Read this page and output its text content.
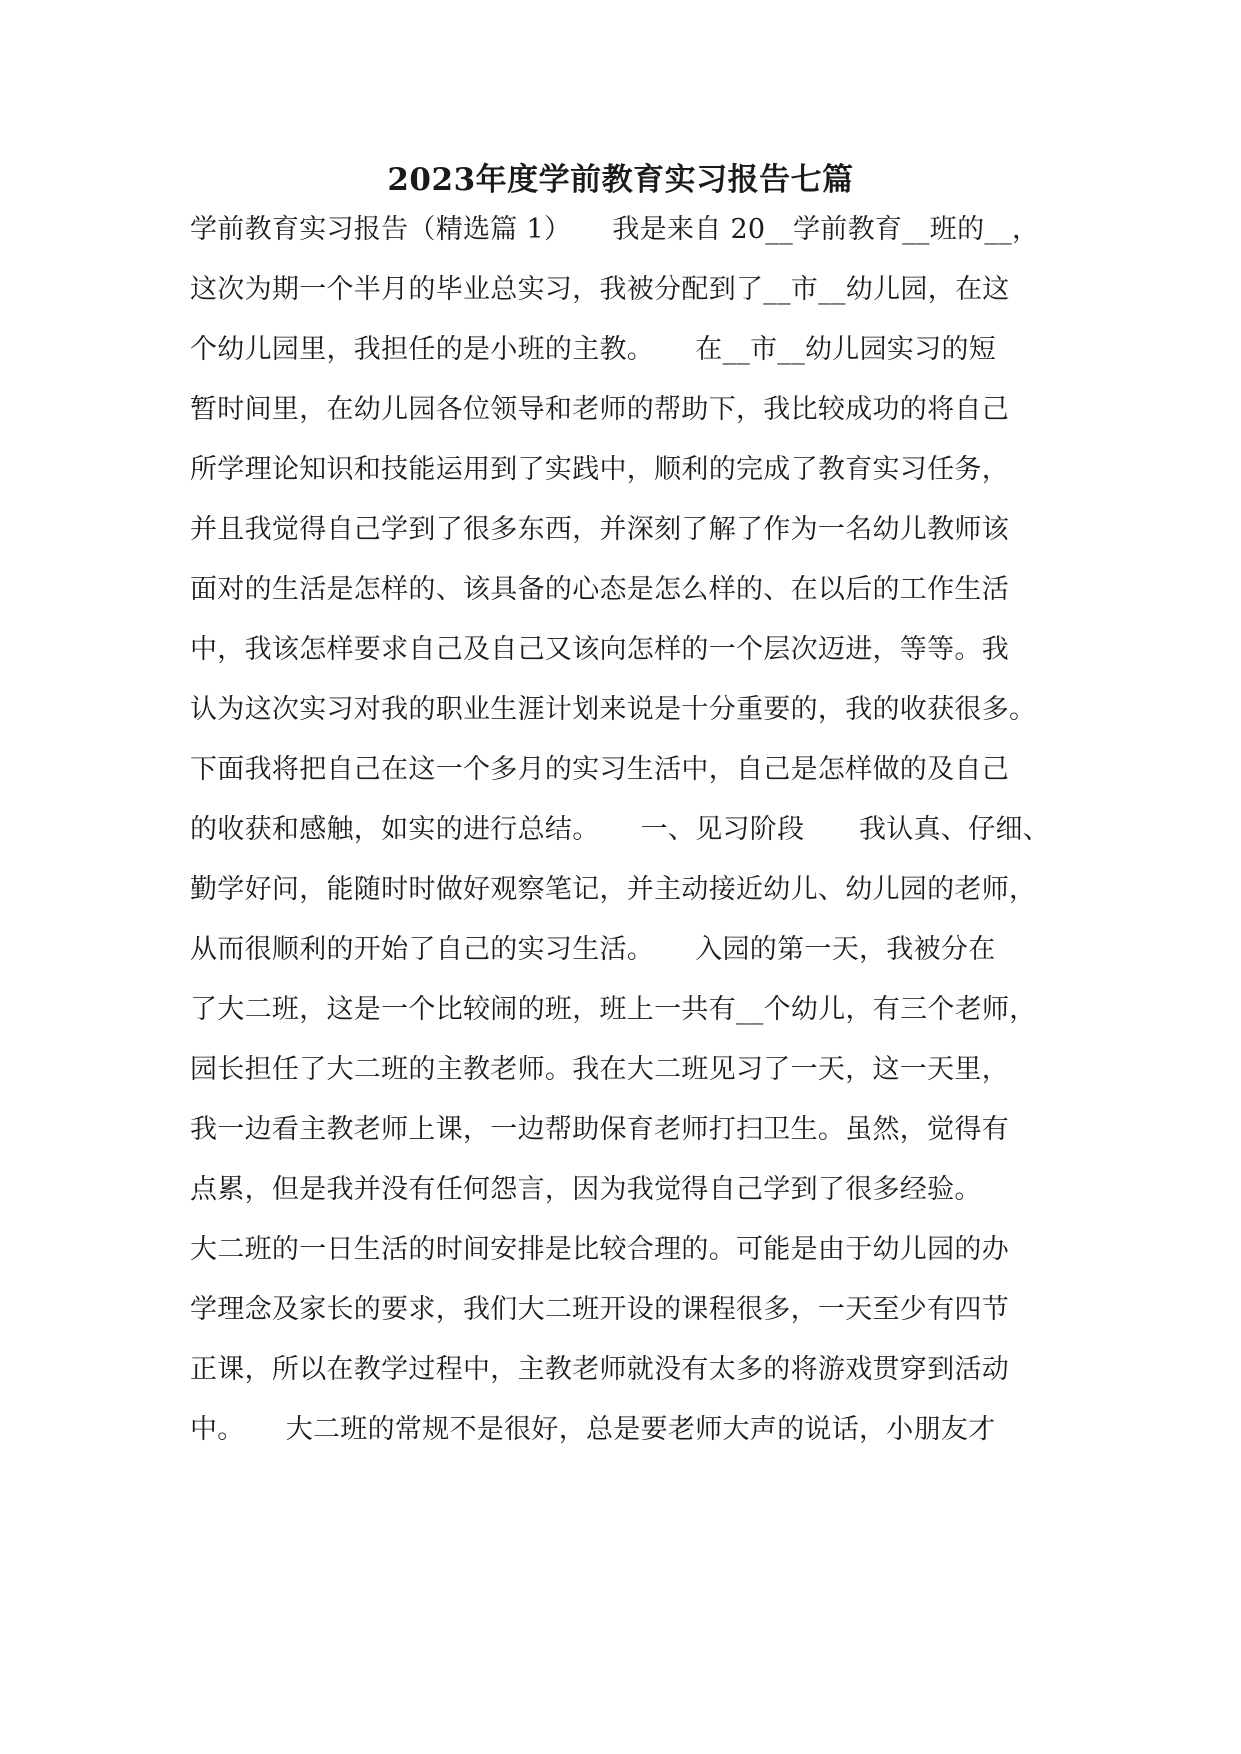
2023年度学前教育实习报告七篇
学前教育实习报告（精选篇 1）　　我是来自 20__学前教育__班的__，
这次为期一个半月的毕业总实习，我被分配到了__市__幼儿园，在这
个幼儿园里，我担任的是小班的主教。　　在__市__幼儿园实习的短
暂时间里，在幼儿园各位领导和老师的帮助下，我比较成功的将自己
所学理论知识和技能运用到了实践中，顺利的完成了教育实习任务，
并且我觉得自己学到了很多东西，并深刻了解了作为一名幼儿教师该
面对的生活是怎样的、该具备的心态是怎么样的、在以后的工作生活
中，我该怎样要求自己及自己又该向怎样的一个层次迈进，等等。我
认为这次实习对我的职业生涯计划来说是十分重要的，我的收获很多。
下面我将把自己在这一个多月的实习生活中，自己是怎样做的及自己
的收获和感触，如实的进行总结。　　一、见习阶段　　我认真、仔细、
勤学好问，能随时时做好观察笔记，并主动接近幼儿、幼儿园的老师，
从而很顺利的开始了自己的实习生活。　　入园的第一天，我被分在
了大二班，这是一个比较闹的班，班上一共有__个幼儿，有三个老师，
园长担任了大二班的主教老师。我在大二班见习了一天，这一天里，
我一边看主教老师上课，一边帮助保育老师打扫卫生。虽然，觉得有
点累，但是我并没有任何怨言，因为我觉得自己学到了很多经验。
大二班的一日生活的时间安排是比较合理的。可能是由于幼儿园的办
学理念及家长的要求，我们大二班开设的课程很多，一天至少有四节
正课，所以在教学过程中，主教老师就没有太多的将游戏贯穿到活动
中。　　大二班的常规不是很好，总是要老师大声的说话，小朋友才
